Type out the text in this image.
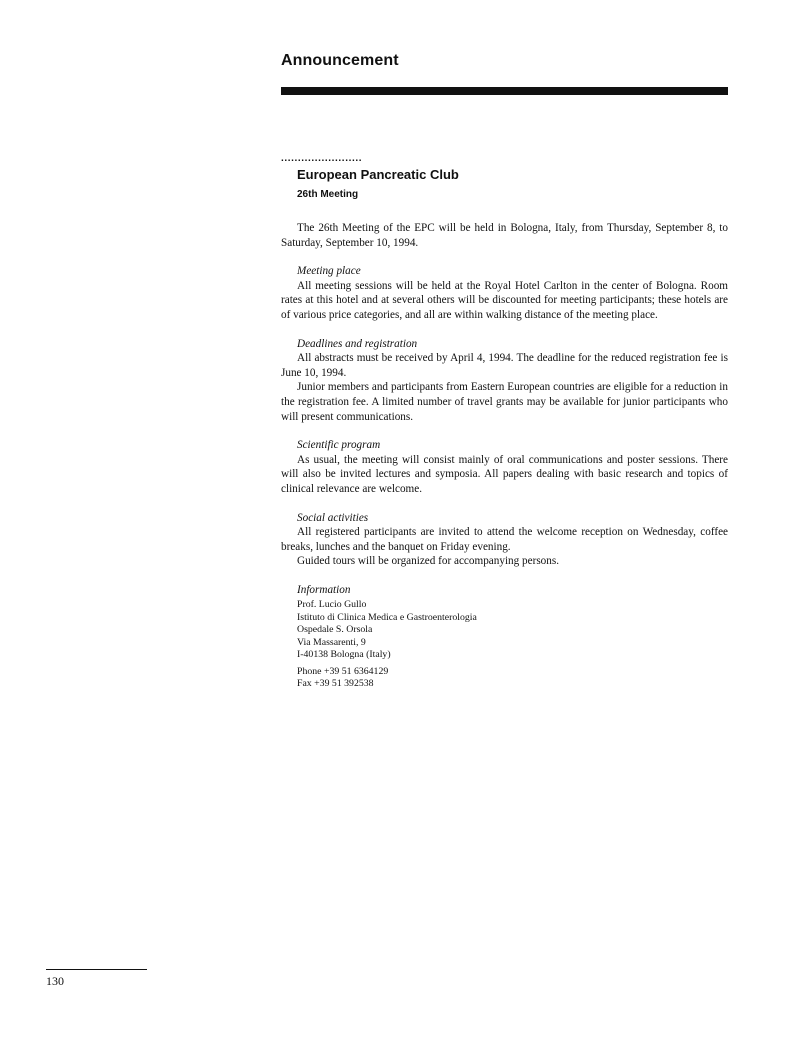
Announcement
........................
European Pancreatic Club
26th Meeting

The 26th Meeting of the EPC will be held in Bologna, Italy, from Thursday, September 8, to Saturday, September 10, 1994.

Meeting place

All meeting sessions will be held at the Royal Hotel Carlton in the center of Bologna. Room rates at this hotel and at several others will be discounted for meeting participants; these hotels are of various price categories, and all are within walking distance of the meeting place.

Deadlines and registration

All abstracts must be received by April 4, 1994. The deadline for the reduced registration fee is June 10, 1994.

Junior members and participants from Eastern European countries are eligible for a reduction in the registration fee. A limited number of travel grants may be available for junior participants who will present communications.

Scientific program

As usual, the meeting will consist mainly of oral communications and poster sessions. There will also be invited lectures and symposia. All papers dealing with basic research and topics of clinical relevance are welcome.

Social activities

All registered participants are invited to attend the welcome reception on Wednesday, coffee breaks, lunches and the banquet on Friday evening.

Guided tours will be organized for accompanying persons.

Information
Prof. Lucio Gullo
Istituto di Clinica Medica e Gastroenterologia
Ospedale S. Orsola
Via Massarenti, 9
I-40138 Bologna (Italy)
Phone +39 51 6364129
Fax +39 51 392538
130
